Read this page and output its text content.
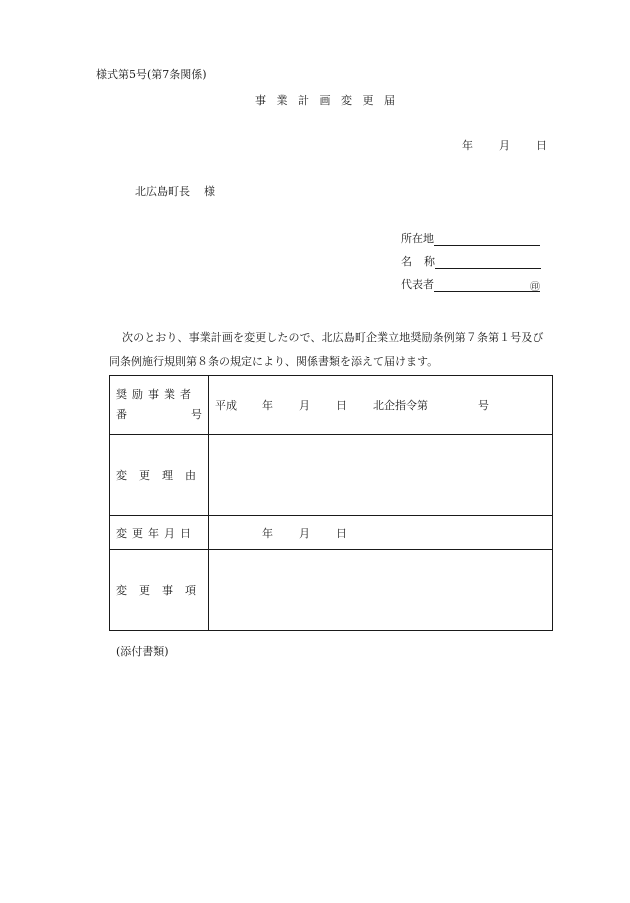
様式第5号(第7条関係)
事業計画変更届
年 月 日
北広島町長 様
所在地
名 称
代表者	㊞

次のとおり、事業計画を変更したので、北広島町企業立地奨励条例第７条第１号及び

同条例施行規則第８条の規定により、関係書類を添えて届けます。

奨励事業者
番 号	平成 年 月 日 北企指令第 号

変更理由	
変更年月日	年 月 日

変更事項	
(添付書類)
